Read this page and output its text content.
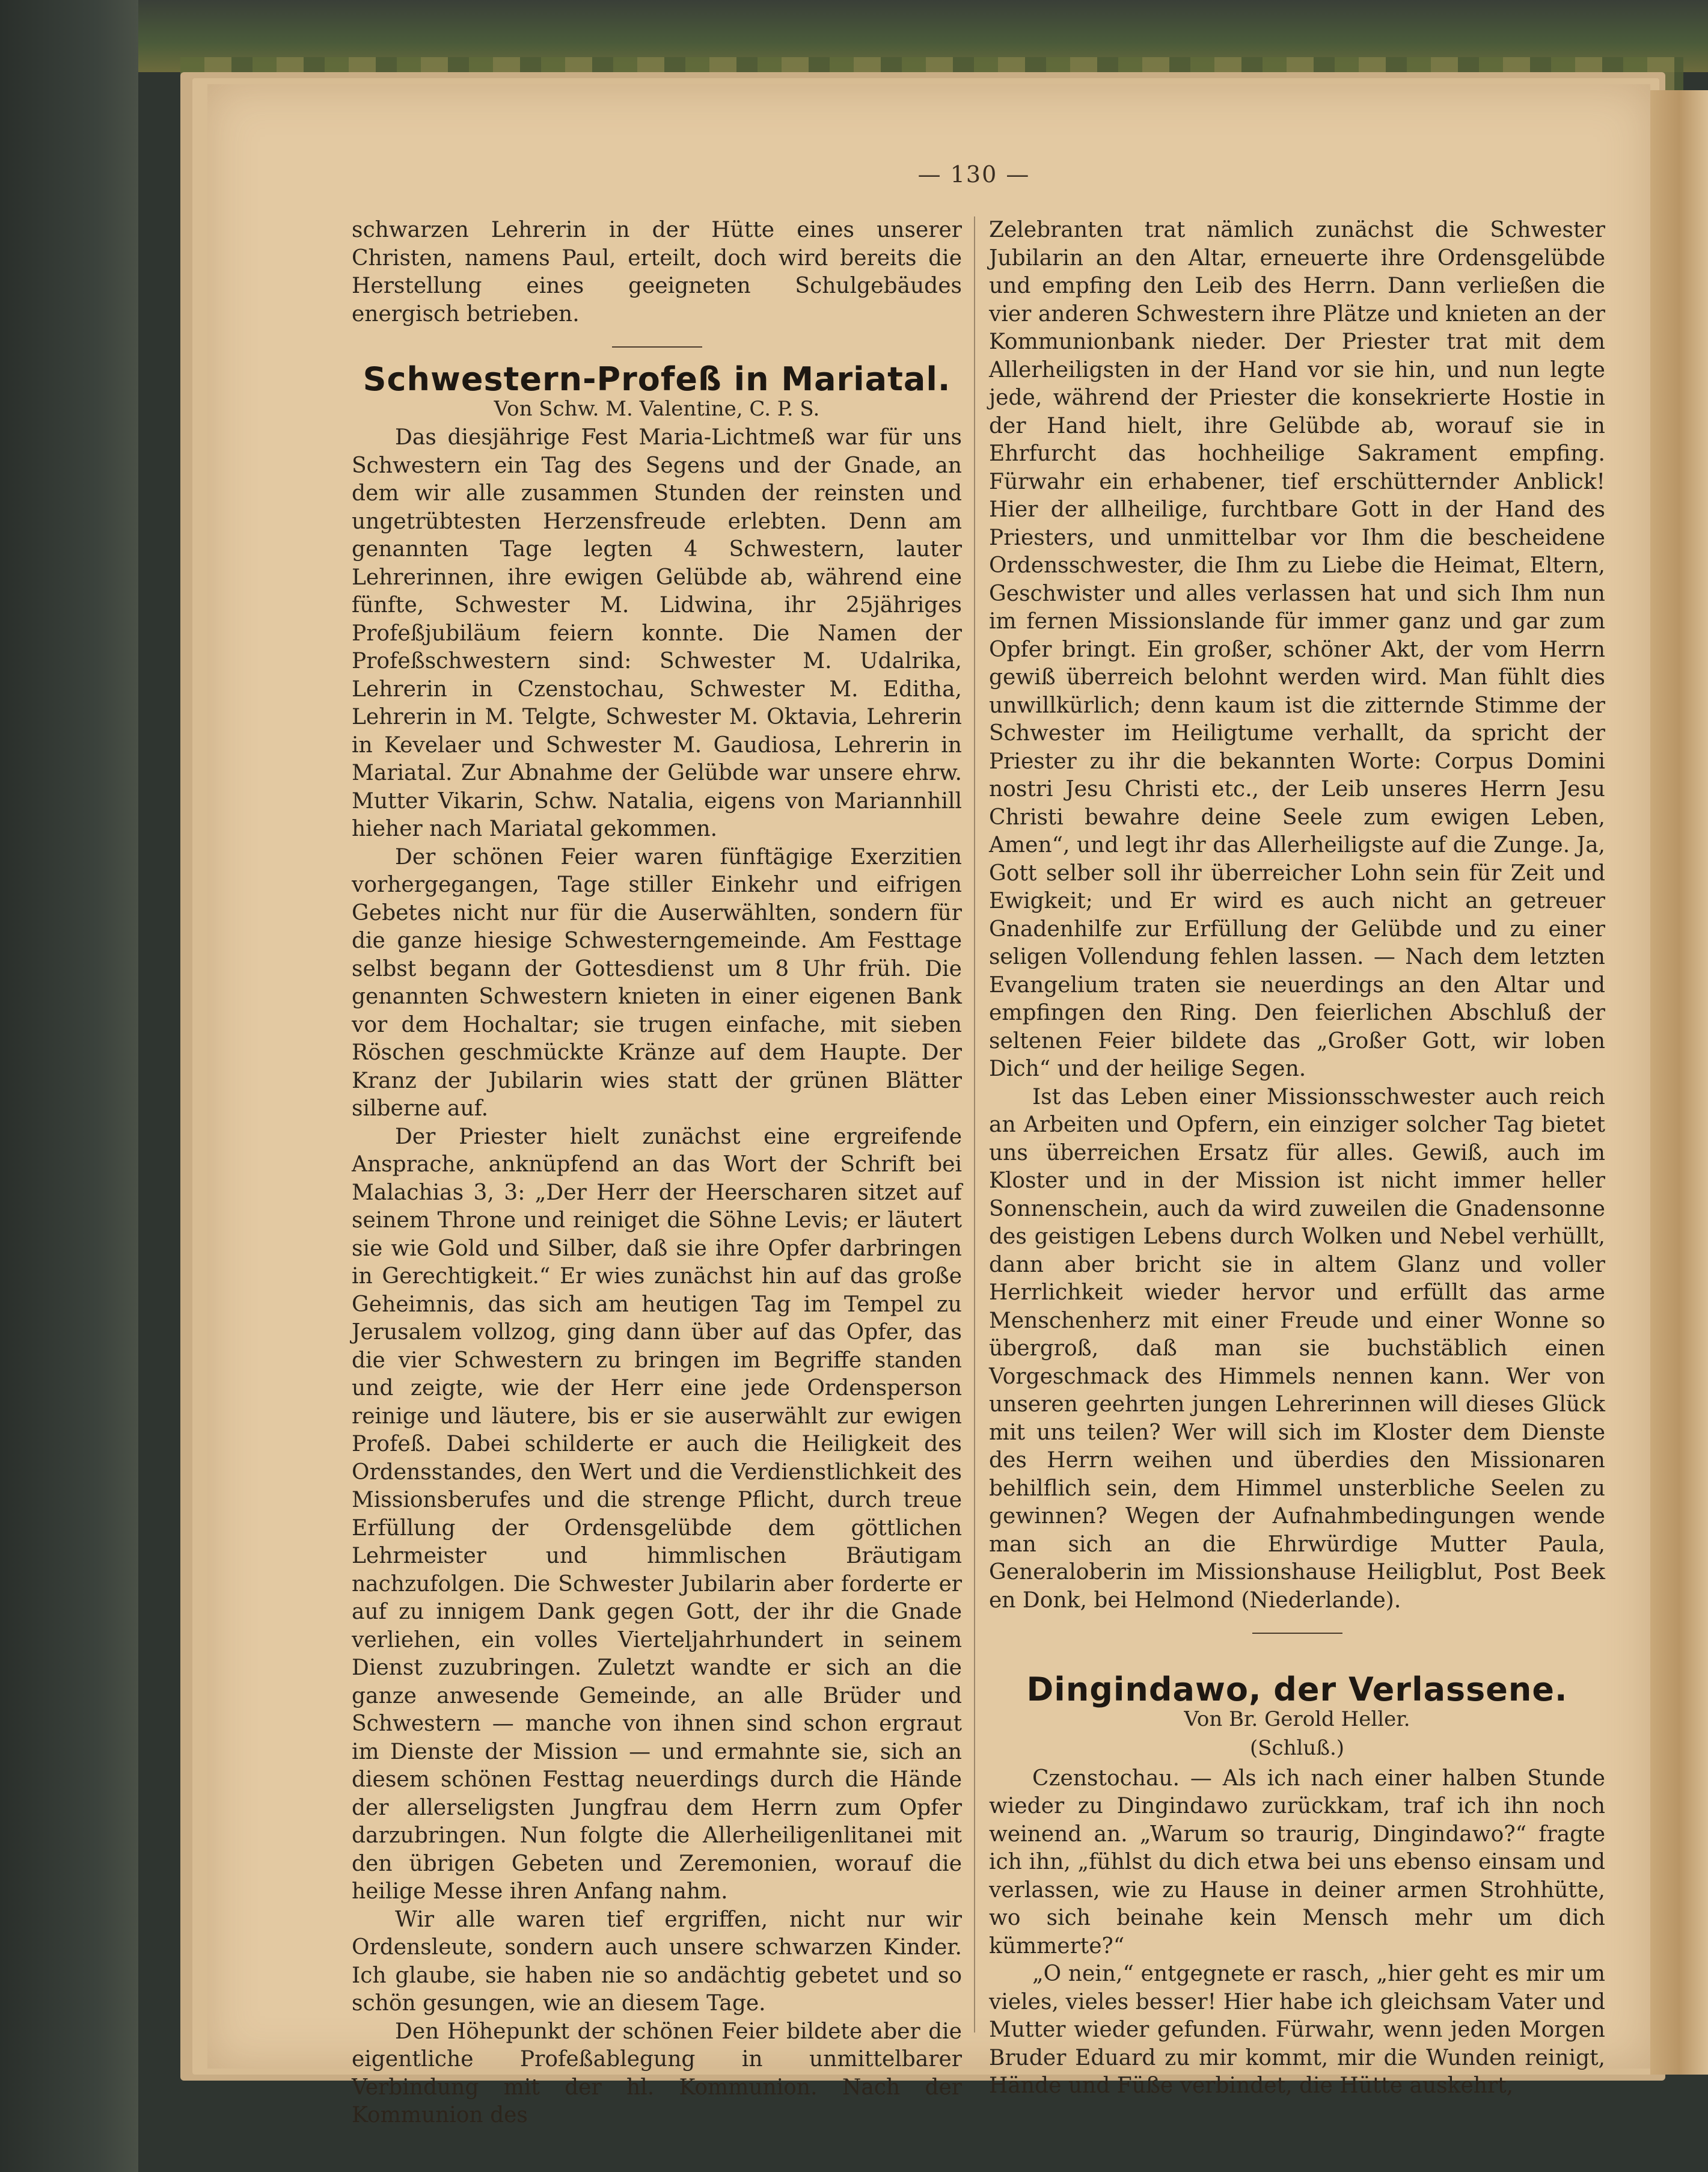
— 130 —

schwarzen Lehrerin in der Hütte eines unserer Christen, namens Paul, erteilt, doch wird bereits die Herstellung eines geeigneten Schulgebäudes energisch betrieben.

Schwestern-Profeß in Mariatal.
Von Schw. M. Valentine, C. P. S.

Das diesjährige Fest Maria-Lichtmeß war für uns Schwestern ein Tag des Segens und der Gnade, an dem wir alle zusammen Stunden der reinsten und ungetrübtesten Herzensfreude erlebten. Denn am genannten Tage legten 4 Schwestern, lauter Lehrerinnen, ihre ewigen Gelübde ab, während eine fünfte, Schwester M. Lidwina, ihr 25jähriges Profeßjubiläum feiern konnte. Die Namen der Profeßschwestern sind: Schwester M. Udalrika, Lehrerin in Czenstochau, Schwester M. Editha, Lehrerin in M. Telgte, Schwester M. Oktavia, Lehrerin in Kevelaer und Schwester M. Gaudiosa, Lehrerin in Mariatal. Zur Abnahme der Gelübde war unsere ehrw. Mutter Vikarin, Schw. Natalia, eigens von Mariannhill hieher nach Mariatal gekommen.

Der schönen Feier waren fünftägige Exerzitien vorhergegangen, Tage stiller Einkehr und eifrigen Gebetes nicht nur für die Auserwählten, sondern für die ganze hiesige Schwesterngemeinde. Am Festtage selbst begann der Gottesdienst um 8 Uhr früh. Die genannten Schwestern knieten in einer eigenen Bank vor dem Hochaltar; sie trugen einfache, mit sieben Röschen geschmückte Kränze auf dem Haupte. Der Kranz der Jubilarin wies statt der grünen Blätter silberne auf.

Der Priester hielt zunächst eine ergreifende Ansprache, anknüpfend an das Wort der Schrift bei Malachias 3, 3: „Der Herr der Heerscharen sitzet auf seinem Throne und reiniget die Söhne Levis; er läutert sie wie Gold und Silber, daß sie ihre Opfer darbringen in Gerechtigkeit.“ Er wies zunächst hin auf das große Geheimnis, das sich am heutigen Tag im Tempel zu Jerusalem vollzog, ging dann über auf das Opfer, das die vier Schwestern zu bringen im Begriffe standen und zeigte, wie der Herr eine jede Ordensperson reinige und läutere, bis er sie auserwählt zur ewigen Profeß. Dabei schilderte er auch die Heiligkeit des Ordensstandes, den Wert und die Verdienstlichkeit des Missionsberufes und die strenge Pflicht, durch treue Erfüllung der Ordensgelübde dem göttlichen Lehrmeister und himmlischen Bräutigam nachzufolgen. Die Schwester Jubilarin aber forderte er auf zu innigem Dank gegen Gott, der ihr die Gnade verliehen, ein volles Vierteljahrhundert in seinem Dienst zuzubringen. Zuletzt wandte er sich an die ganze anwesende Gemeinde, an alle Brüder und Schwestern — manche von ihnen sind schon ergraut im Dienste der Mission — und ermahnte sie, sich an diesem schönen Festtag neuerdings durch die Hände der allerseligsten Jungfrau dem Herrn zum Opfer darzubringen. Nun folgte die Allerheiligenlitanei mit den übrigen Gebeten und Zeremonien, worauf die heilige Messe ihren Anfang nahm.

Wir alle waren tief ergriffen, nicht nur wir Ordensleute, sondern auch unsere schwarzen Kinder. Ich glaube, sie haben nie so andächtig gebetet und so schön gesungen, wie an diesem Tage.

Den Höhepunkt der schönen Feier bildete aber die eigentliche Profeßablegung in unmittelbarer Verbindung mit der hl. Kommunion. Nach der Kommunion des

Zelebranten trat nämlich zunächst die Schwester Jubilarin an den Altar, erneuerte ihre Ordensgelübde und empfing den Leib des Herrn. Dann verließen die vier anderen Schwestern ihre Plätze und knieten an der Kommunionbank nieder. Der Priester trat mit dem Allerheiligsten in der Hand vor sie hin, und nun legte jede, während der Priester die konsekrierte Hostie in der Hand hielt, ihre Gelübde ab, worauf sie in Ehrfurcht das hochheilige Sakrament empfing. Fürwahr ein erhabener, tief erschütternder Anblick! Hier der allheilige, furchtbare Gott in der Hand des Priesters, und unmittelbar vor Ihm die bescheidene Ordensschwester, die Ihm zu Liebe die Heimat, Eltern, Geschwister und alles verlassen hat und sich Ihm nun im fernen Missionslande für immer ganz und gar zum Opfer bringt. Ein großer, schöner Akt, der vom Herrn gewiß überreich belohnt werden wird. Man fühlt dies unwillkürlich; denn kaum ist die zitternde Stimme der Schwester im Heiligtume verhallt, da spricht der Priester zu ihr die bekannten Worte: Corpus Domini nostri Jesu Christi etc., der Leib unseres Herrn Jesu Christi bewahre deine Seele zum ewigen Leben, Amen“, und legt ihr das Allerheiligste auf die Zunge. Ja, Gott selber soll ihr überreicher Lohn sein für Zeit und Ewigkeit; und Er wird es auch nicht an getreuer Gnadenhilfe zur Erfüllung der Gelübde und zu einer seligen Vollendung fehlen lassen. — Nach dem letzten Evangelium traten sie neuerdings an den Altar und empfingen den Ring. Den feierlichen Abschluß der seltenen Feier bildete das „Großer Gott, wir loben Dich“ und der heilige Segen.

Ist das Leben einer Missionsschwester auch reich an Arbeiten und Opfern, ein einziger solcher Tag bietet uns überreichen Ersatz für alles. Gewiß, auch im Kloster und in der Mission ist nicht immer heller Sonnenschein, auch da wird zuweilen die Gnadensonne des geistigen Lebens durch Wolken und Nebel verhüllt, dann aber bricht sie in altem Glanz und voller Herrlichkeit wieder hervor und erfüllt das arme Menschenherz mit einer Freude und einer Wonne so übergroß, daß man sie buchstäblich einen Vorgeschmack des Himmels nennen kann. Wer von unseren geehrten jungen Lehrerinnen will dieses Glück mit uns teilen? Wer will sich im Kloster dem Dienste des Herrn weihen und überdies den Missionaren behilflich sein, dem Himmel unsterbliche Seelen zu gewinnen? Wegen der Aufnahmbedingungen wende man sich an die Ehrwürdige Mutter Paula, Generaloberin im Missionshause Heiligblut, Post Beek en Donk, bei Helmond (Niederlande).

Dingindawo, der Verlassene.
Von Br. Gerold Heller.
(Schluß.)

Czenstochau. — Als ich nach einer halben Stunde wieder zu Dingindawo zurückkam, traf ich ihn noch weinend an. „Warum so traurig, Dingindawo?“ fragte ich ihn, „fühlst du dich etwa bei uns ebenso einsam und verlassen, wie zu Hause in deiner armen Strohhütte, wo sich beinahe kein Mensch mehr um dich kümmerte?“

„O nein,“ entgegnete er rasch, „hier geht es mir um vieles, vieles besser! Hier habe ich gleichsam Vater und Mutter wieder gefunden. Fürwahr, wenn jeden Morgen Bruder Eduard zu mir kommt, mir die Wunden reinigt, Hände und Füße verbindet, die Hütte auskehrt,
